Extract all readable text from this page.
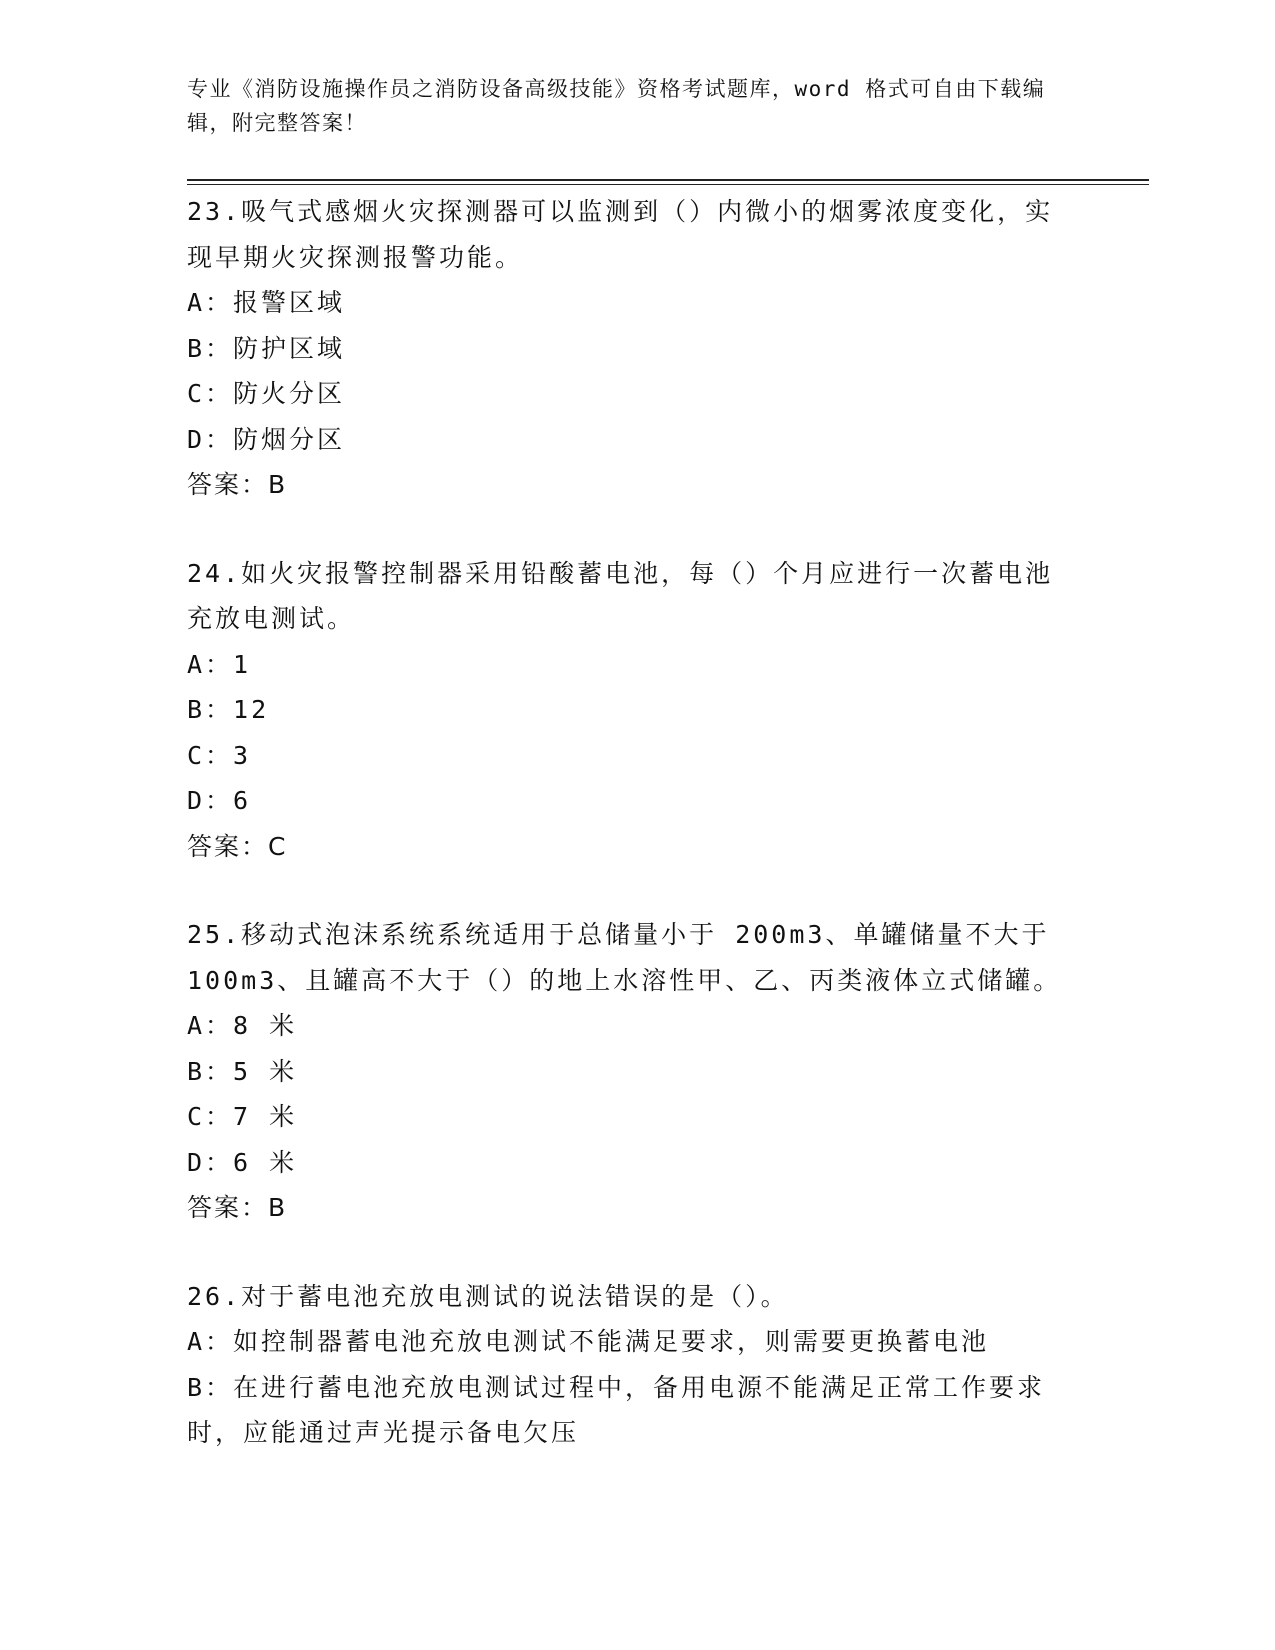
专业《消防设施操作员之消防设备高级技能》资格考试题库，word 格式可自由下载编辑，附完整答案！

23.吸气式感烟火灾探测器可以监测到（）内微小的烟雾浓度变化，实现早期火灾探测报警功能。

A：报警区域

B：防护区域

C：防火分区

D：防烟分区

答案：B

24.如火灾报警控制器采用铅酸蓄电池，每（）个月应进行一次蓄电池充放电测试。

A：1

B：12

C：3

D：6

答案：C

25.移动式泡沫系统系统适用于总储量小于 200m3、单罐储量不大于 100m3、且罐高不大于（）的地上水溶性甲、乙、丙类液体立式储罐。

A：8 米

B：5 米

C：7 米

D：6 米

答案：B

26.对于蓄电池充放电测试的说法错误的是（）。

A：如控制器蓄电池充放电测试不能满足要求，则需要更换蓄电池

B：在进行蓄电池充放电测试过程中，备用电源不能满足正常工作要求时，应能通过声光提示备电欠压
